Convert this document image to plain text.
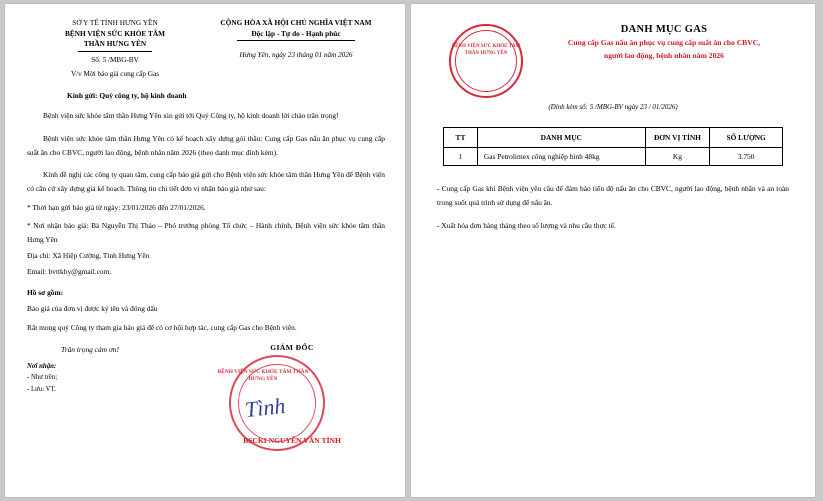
SỞ Y TẾ TỈNH HƯNG YÊN
BỆNH VIỆN SỨC KHỎE TÂM
THẦN HƯNG YÊN
Số: 5 /MBG-BV
V/v Mời báo giá cung cấp Gas
CỘNG HÒA XÃ HỘI CHỦ NGHĨA VIỆT NAM
Độc lập - Tự do - Hạnh phúc
Hưng Yên, ngày 23 tháng 01 năm 2026
Kính gửi: Quý công ty, hộ kinh doanh
Bệnh viện sức khỏe tâm thần Hưng Yên xin gửi tới Quý Công ty, hộ kinh doanh lời chào trân trọng!
Bệnh viện sức khỏe tâm thần Hưng Yên có kế hoạch xây dựng gói thầu: Cung cấp Gas nấu ăn phục vụ cung cấp suất ăn cho CBVC, người lao động, bệnh nhân năm 2026 (theo danh mục đính kèm).
Kính đề nghị các công ty quan tâm, cung cấp báo giá gửi cho Bệnh viện sức khỏe tâm thần Hưng Yên để Bệnh viện có căn cứ xây dựng giá kế hoạch. Thông tin chi tiết đơn vị nhận báo giá như sau:
* Thời hạn gửi báo giá từ ngày: 23/01/2026 đến 27/01/2026.
* Nơi nhận báo giá: Bà Nguyễn Thị Thảo – Phó trưởng phòng Tổ chức – Hành chính, Bệnh viện sức khỏe tâm thần Hưng Yên
Địa chỉ: Xã Hiệp Cường, Tỉnh Hưng Yên
Email: bvttkhy@gmail.com.
Hồ sơ gồm:
Báo giá của đơn vị được ký tên và đóng dấu
Rất mong quý Công ty tham gia báo giá để có cơ hội hợp tác, cung cấp Gas cho Bệnh viện.
Trân trọng cảm ơn!
Nơi nhận:
- Như trên;
- Lưu: VT.
GIÁM ĐỐC
BỆNH VIỆN SỨC KHỎE TÂM THẦN HƯNG YÊN
Tình
BSCKI NGUYỄN VĂN TÌNH
BỆNH VIỆN SỨC KHỎE TÂM THẦN HƯNG YÊN
DANH MỤC GAS
Cung cấp Gas nấu ăn phục vụ cung cấp suất ăn cho CBVC,
người lao động, bệnh nhân năm 2026
(Đính kèm số: 5 /MBG-BV ngày 23 / 01/2026)
TT	DANH MỤC	ĐƠN VỊ TÍNH	SỐ LƯỢNG
1	Gas Petrolimex công nghiệp bình 48kg	Kg	3.750

- Cung cấp Gas khí Bệnh viện yêu cầu để đảm bảo tiến độ nấu ăn cho CBVC, người lao động, bệnh nhân và an toàn trong suốt quá trình sử dụng để nấu ăn.

- Xuất hóa đơn hàng tháng theo số lượng và nhu cầu thực tế.
